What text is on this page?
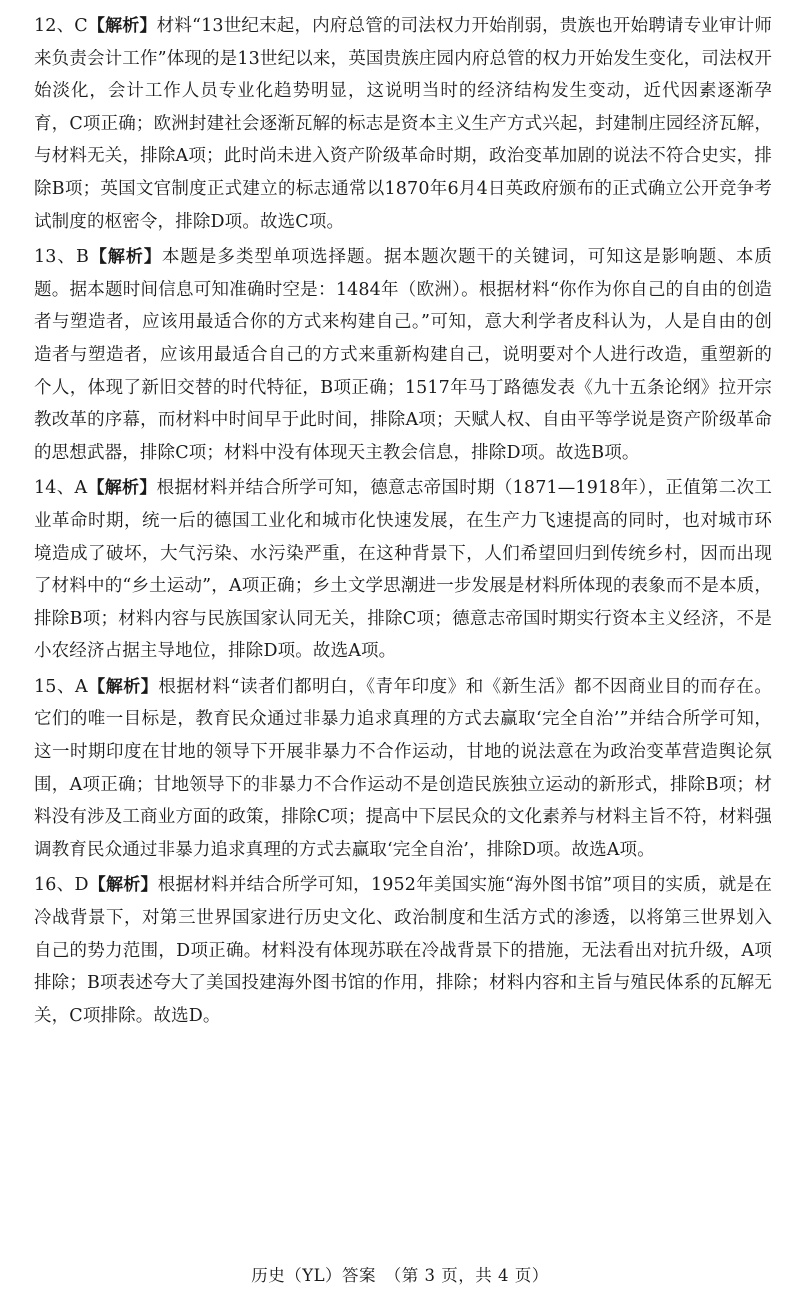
12、C【解析】材料“13世纪末起，内府总管的司法权力开始削弱，贵族也开始聘请专业审计师来负责会计工作”体现的是13世纪以来，英国贵族庄园内府总管的权力开始发生变化，司法权开始淡化，会计工作人员专业化趋势明显，这说明当时的经济结构发生变动，近代因素逐渐孕育，C项正确；欧洲封建社会逐渐瓦解的标志是资本主义生产方式兴起，封建制庄园经济瓦解，与材料无关，排除A项；此时尚未进入资产阶级革命时期，政治变革加剧的说法不符合史实，排除B项；英国文官制度正式建立的标志通常以1870年6月4日英政府颁布的正式确立公开竞争考试制度的枢密令，排除D项。故选C项。

13、B【解析】本题是多类型单项选择题。据本题次题干的关键词，可知这是影响题、本质题。据本题时间信息可知准确时空是：1484年（欧洲）。根据材料“你作为你自己的自由的创造者与塑造者，应该用最适合你的方式来构建自己。”可知，意大利学者皮科认为，人是自由的创造者与塑造者，应该用最适合自己的方式来重新构建自己，说明要对个人进行改造，重塑新的个人，体现了新旧交替的时代特征，B项正确；1517年马丁路德发表《九十五条论纲》拉开宗教改革的序幕，而材料中时间早于此时间，排除A项；天赋人权、自由平等学说是资产阶级革命的思想武器，排除C项；材料中没有体现天主教会信息，排除D项。故选B项。

14、A【解析】根据材料并结合所学可知，德意志帝国时期（1871—1918年），正值第二次工业革命时期，统一后的德国工业化和城市化快速发展，在生产力飞速提高的同时，也对城市环境造成了破坏，大气污染、水污染严重，在这种背景下，人们希望回归到传统乡村，因而出现了材料中的“乡土运动”，A项正确；乡土文学思潮进一步发展是材料所体现的表象而不是本质，排除B项；材料内容与民族国家认同无关，排除C项；德意志帝国时期实行资本主义经济，不是小农经济占据主导地位，排除D项。故选A项。

15、A【解析】根据材料“读者们都明白，《青年印度》和《新生活》都不因商业目的而存在。它们的唯一目标是，教育民众通过非暴力追求真理的方式去赢取‘完全自治’”并结合所学可知，这一时期印度在甘地的领导下开展非暴力不合作运动，甘地的说法意在为政治变革营造舆论氛围，A项正确；甘地领导下的非暴力不合作运动不是创造民族独立运动的新形式，排除B项；材料没有涉及工商业方面的政策，排除C项；提高中下层民众的文化素养与材料主旨不符，材料强调教育民众通过非暴力追求真理的方式去赢取‘完全自治’，排除D项。故选A项。

16、D【解析】根据材料并结合所学可知，1952年美国实施“海外图书馆”项目的实质，就是在冷战背景下，对第三世界国家进行历史文化、政治制度和生活方式的渗透，以将第三世界划入自己的势力范围，D项正确。材料没有体现苏联在冷战背景下的措施，无法看出对抗升级，A项排除；B项表述夸大了美国投建海外图书馆的作用，排除；材料内容和主旨与殖民体系的瓦解无关，C项排除。故选D。

历史（YL）答案　（第 3 页，共 4 页）
